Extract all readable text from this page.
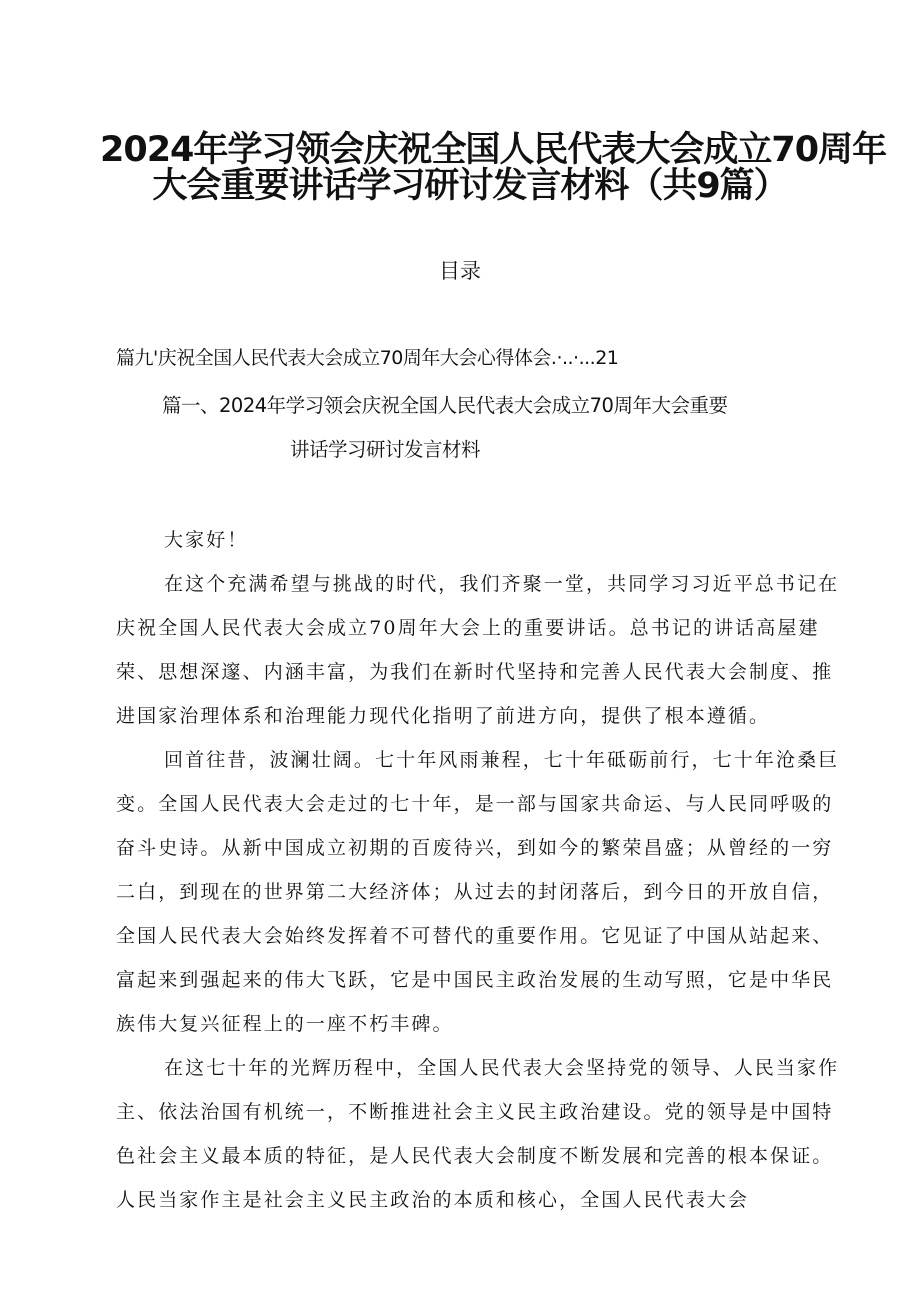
2024年学习领会庆祝全国人民代表大会成立70周年
大会重要讲话学习研讨发言材料（共9篇）
目录
篇九'庆祝全国人民代表大会成立70周年大会心得体会.·..·...21
篇一、2024年学习领会庆祝全国人民代表大会成立70周年大会重要
讲话学习研讨发言材料

大家好！

在这个充满希望与挑战的时代，我们齐聚一堂，共同学习习近平总书记在庆祝全国人民代表大会成立70周年大会上的重要讲话。总书记的讲话高屋建荣、思想深邃、内涵丰富，为我们在新时代坚持和完善人民代表大会制度、推进国家治理体系和治理能力现代化指明了前进方向，提供了根本遵循。

回首往昔，波澜壮阔。七十年风雨兼程，七十年砥砺前行，七十年沧桑巨变。全国人民代表大会走过的七十年，是一部与国家共命运、与人民同呼吸的奋斗史诗。从新中国成立初期的百废待兴，到如今的繁荣昌盛；从曾经的一穷二白，到现在的世界第二大经济体；从过去的封闭落后，到今日的开放自信，全国人民代表大会始终发挥着不可替代的重要作用。它见证了中国从站起来、富起来到强起来的伟大飞跃，它是中国民主政治发展的生动写照，它是中华民族伟大复兴征程上的一座不朽丰碑。

在这七十年的光辉历程中，全国人民代表大会坚持党的领导、人民当家作主、依法治国有机统一，不断推进社会主义民主政治建设。党的领导是中国特色社会主义最本质的特征，是人民代表大会制度不断发展和完善的根本保证。人民当家作主是社会主义民主政治的本质和核心，全国人民代表大会
